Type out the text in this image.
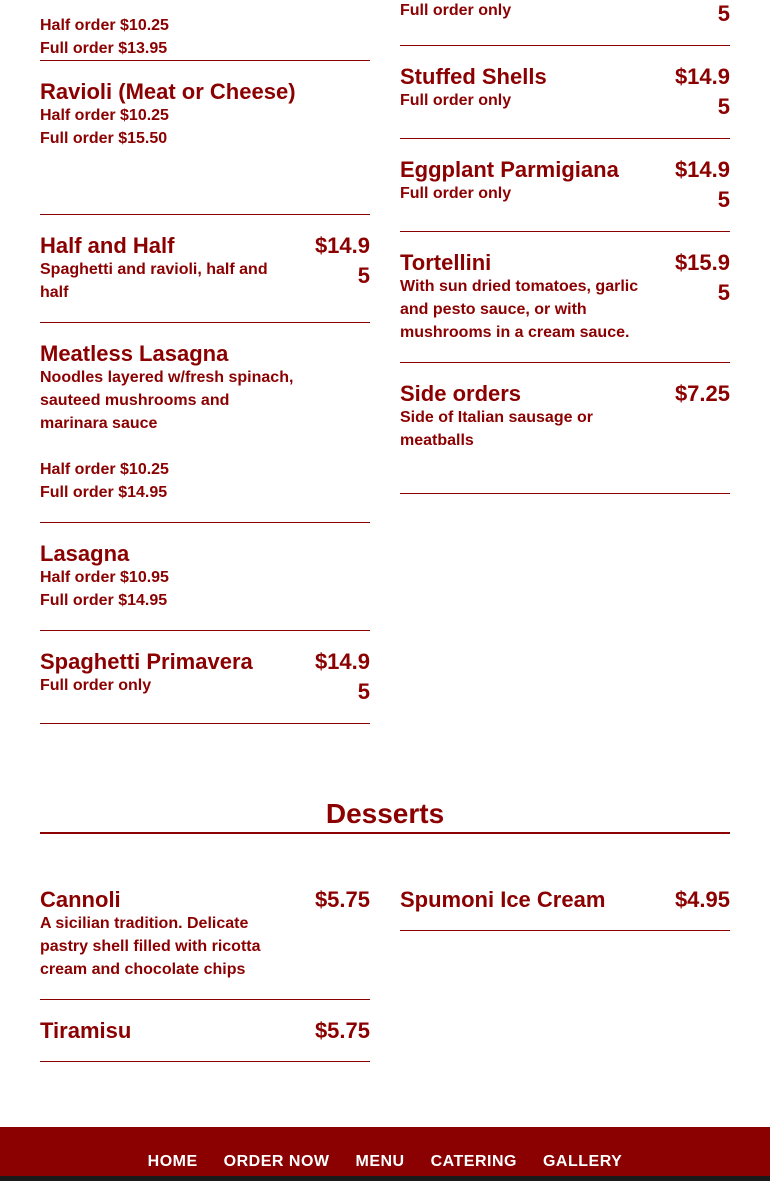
Half order $10.25
Full order $13.95
Ravioli (Meat or Cheese)
Half order $10.25
Full order $15.50
Half and Half	$14.95
Spaghetti and ravioli, half and half
Meatless Lasagna
Noodles layered w/fresh spinach, sauteed mushrooms and marinara sauce
Half order $10.25
Full order $14.95
Lasagna
Half order $10.95
Full order $14.95
Spaghetti Primavera	$14.95
Full order only
5
Full order only
Stuffed Shells	$14.95
Full order only
Eggplant Parmigiana	$14.95
Full order only
Tortellini	$15.95
With sun dried tomatoes, garlic and pesto sauce, or with mushrooms in a cream sauce.
Side orders	$7.25
Side of Italian sausage or meatballs
Desserts
Cannoli	$5.75
A sicilian tradition. Delicate pastry shell filled with ricotta cream and chocolate chips
Tiramisu	$5.75
Spumoni Ice Cream	$4.95
HOME ORDER NOW MENU CATERING GALLERY
